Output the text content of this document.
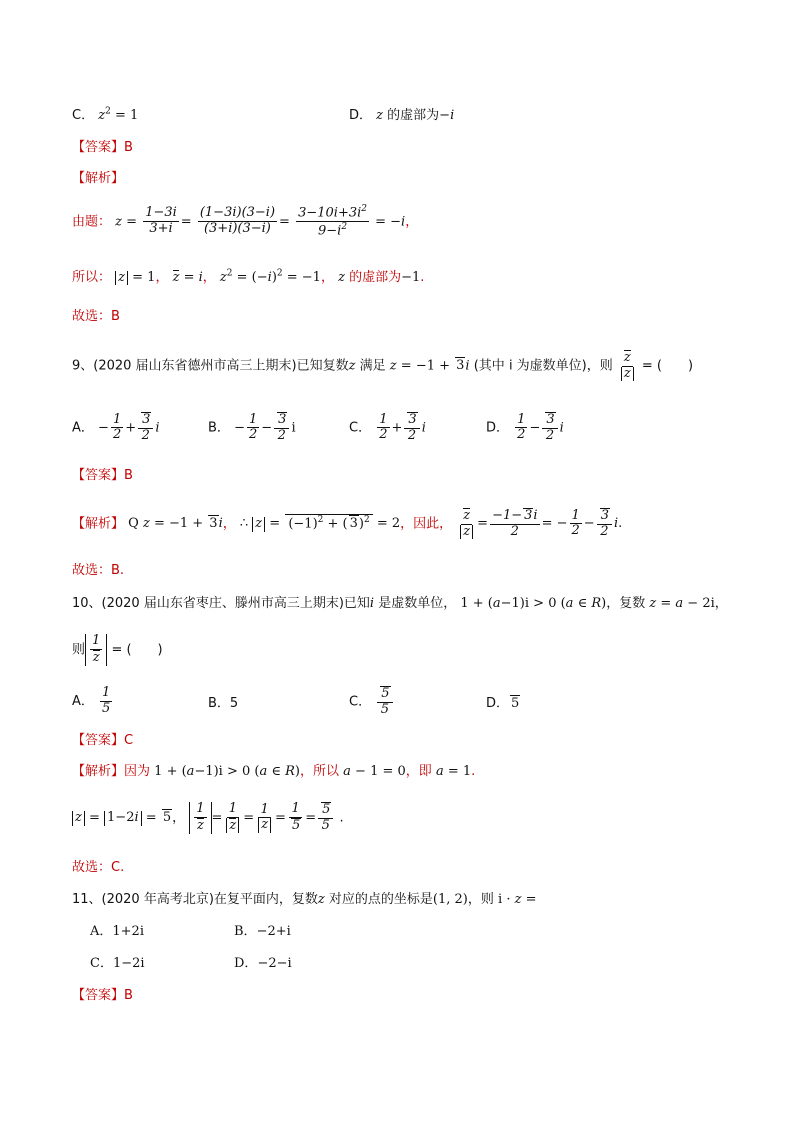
C． $z^2 = 1$	D． z 的虚部为−i
【答案】B
【解析】
由题： $z = \frac{1-3i}{3+i} = \frac{(1-3i)(3-i)}{(3+i)(3-i)} = \frac{3-10i+3i^2}{9-i^2} = -i$，
所以： z = 1， z = i， $z^2 = (-i)^2 = -1$， z 的虚部为−1.
故选：B
9、(2020 届山东省德州市高三上期末)已知复数z 满足 z = −1 + 3i (其中 i 为虚数单位)，则 $\frac{z}{z}$ = (　　)
A． − $\frac{1}{2} + \frac{3}{2}$ i	B． − $\frac{1}{2} - \frac{3}{2}$ i	C． $\frac{1}{2} + \frac{3}{2}$ i	D． $\frac{1}{2} - \frac{3}{2}$ i
【答案】B
【解析】 Q z = −1 + 3i， ∴ $z = (-1)^2$ + ( 3)$^2$ = 2，因此， $\frac{z}{z} = \frac{-1- 3i}{2}$ = − $\frac{1}{2} - \frac{3}{2} i$.
故选：B.
10、(2020 届山东省枣庄、滕州市高三上期末)已知i 是虚数单位， 1 + (a−1)i > 0 (a ∈ R)，复数 z = a − 2i，
则 $\frac{1}{z}$ = (　　)
A． $\frac{1}{5}$	B．5	C． $\frac{5}{5}$	D． 5
【答案】C
【解析】因为 1 + (a−1)i > 0 (a ∈ R)，所以 a − 1 = 0，即 a = 1.
z = 1−2i = 5， $\frac{1}{z} = \frac{1}{z} = \frac{1}{z} = \frac{1}{5} = \frac{5}{5}$ .
故选：C.
11、(2020 年高考北京)在复平面内，复数z 对应的点的坐标是(1, 2)，则 i · z =
A．1+2i	B．−2+i
C．1−2i	D．−2−i
【答案】B
